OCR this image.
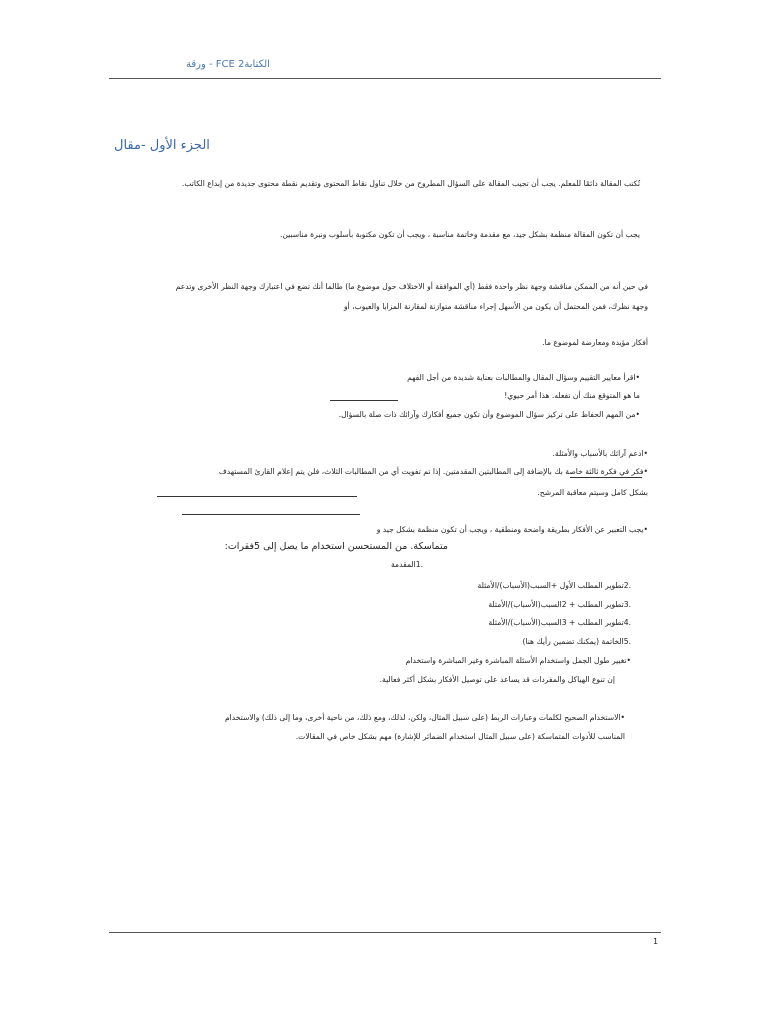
ورقة - FCE 2الكتابة
الجزء الأول -مقال
تُكتب المقالة دائمًا للمعلم. يجب أن تجيب المقالة على السؤال المطروح من خلال تناول نقاط المحتوى وتقديم نقطة محتوى جديدة من إبداع الكاتب.
يجب أن تكون المقالة منظمة بشكل جيد، مع مقدمة وخاتمة مناسبة ، ويجب أن تكون مكتوبة بأسلوب ونبرة مناسبين.
في حين أنه من الممكن مناقشة وجهة نظر واحدة فقط (أي الموافقة أو الاختلاف حول موضوع ما) طالما أنك تضع في اعتبارك وجهة النظر الأخرى وتدعم
وجهة نظرك، فمن المحتمل أن يكون من الأسهل إجراء مناقشة متوازنة لمقارنة المزايا والعيوب، أو
أفكار مؤيدة ومعارضة لموضوع ما.
•اقرأ معايير التقييم وسؤال المقال والمطالبات بعناية شديدة من أجل الفهم
ما هو المتوقع منك أن تفعله. هذا أمر حيوي!
•من المهم الحفاظ على تركيز سؤال الموضوع وأن تكون جميع أفكارك وآرائك ذات صلة بالسؤال.
•ادعم آرائك بالأسباب والأمثلة.
•فكر في فكرة ثالثة خاصة بك بالإضافة إلى المطالبتين المقدمتين. إذا تم تفويت أي من المطالبات الثلاث، فلن يتم إعلام القارئ المستهدف
بشكل كامل وسيتم معاقبة المرشح.
•يجب التعبير عن الأفكار بطريقة واضحة ومنطقية ، ويجب أن تكون منظمة بشكل جيد و
متماسكة. من المستحسن استخدام ما يصل إلى 5فقرات:
.1المقدمة
.2تطوير المطلب الأول +السبب(الأسباب)/الأمثلة
.3تطوير المطلب + 2السبب(الأسباب)/الأمثلة
.4تطوير المطلب + 3السبب(الأسباب)/الأمثلة
.5الخاتمة (يمكنك تضمين رأيك هنا)
•تغيير طول الجمل واستخدام الأسئلة المباشرة وغير المباشرة واستخدام
إن تنوع الهياكل والمفردات قد يساعد على توصيل الأفكار بشكل أكثر فعالية.
•الاستخدام الصحيح لكلمات وعبارات الربط (على سبيل المثال، ولكن، لذلك، ومع ذلك، من ناحية أخرى، وما إلى ذلك) والاستخدام
المناسب للأدوات المتماسكة (على سبيل المثال استخدام الضمائر للإشارة) مهم بشكل خاص في المقالات.
1
